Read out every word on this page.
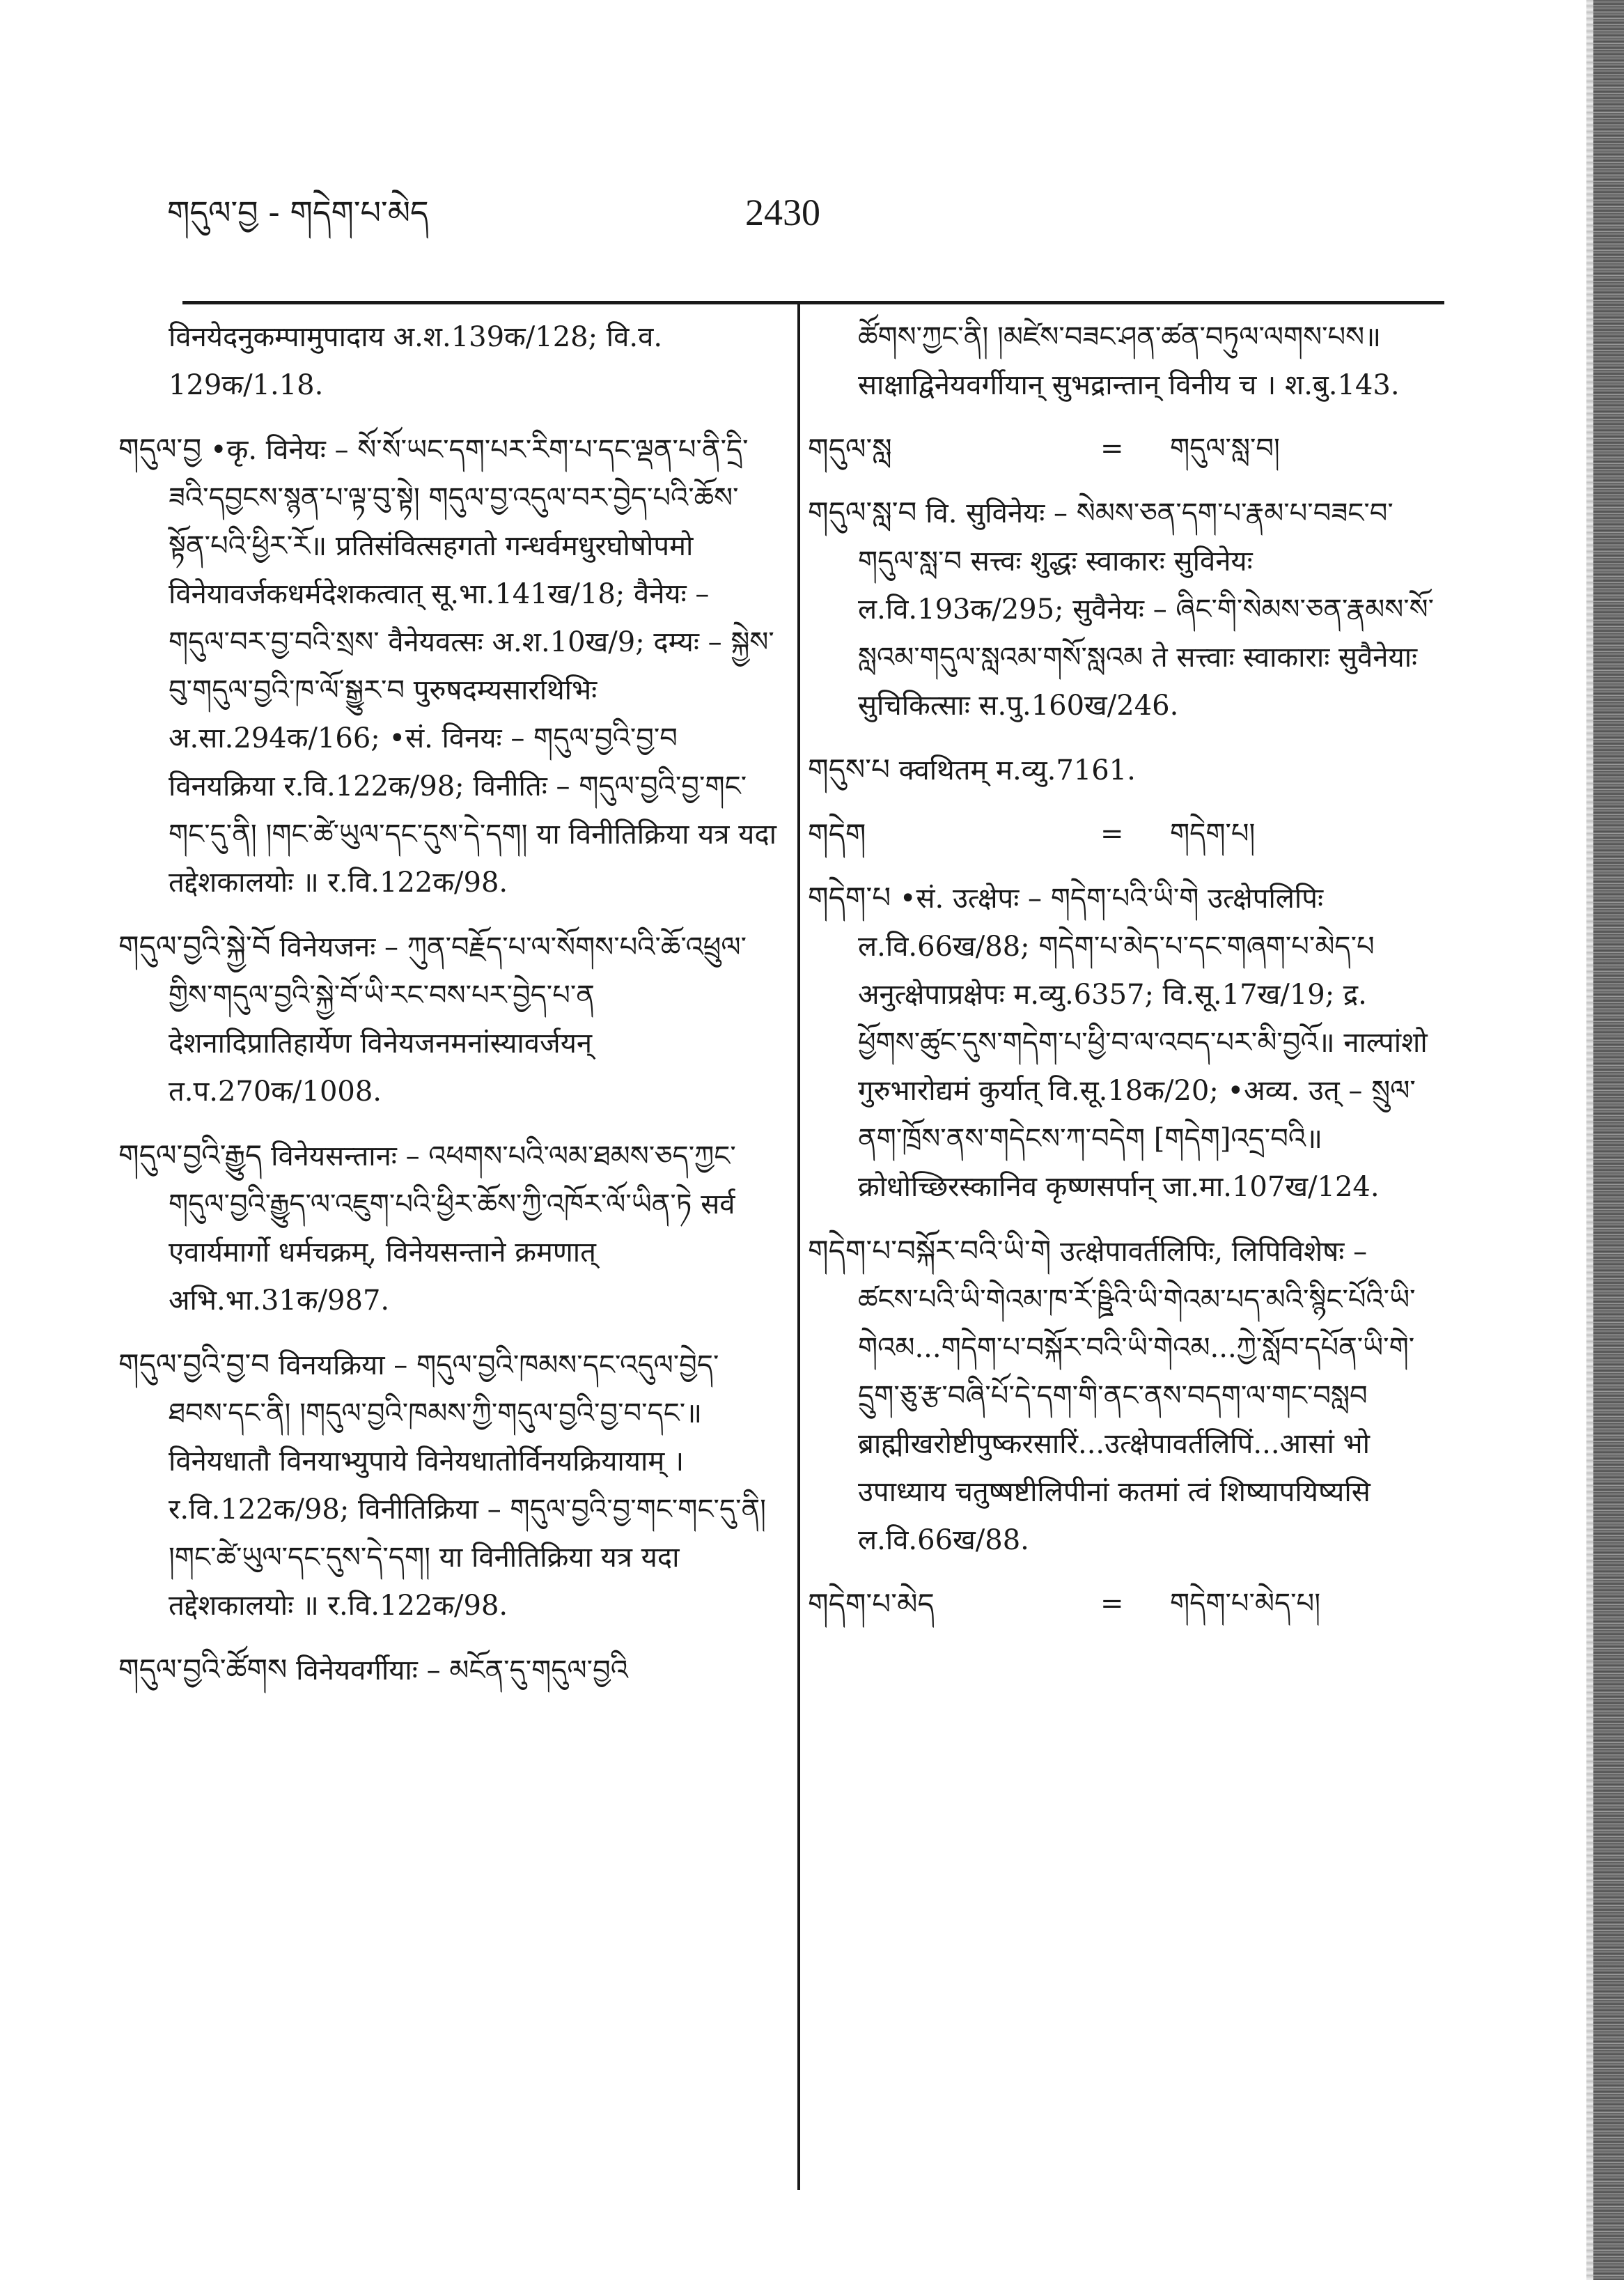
གདུལ་བྱ - གདེག་པ་མེད	2430
विनयेदनुकम्पामुपादाय अ.श.139क/128; वि.व. 129क/1.18.
གདུལ་བྱ •कृ. विनेयः – སོ་སོ་ཡང་དག་པར་རིག་པ་དང་ལྡན་པ་ནི་དྲི་ཟའི་དབྱངས་སྙན་པ་ལྟ་བུ་སྟེ། གདུལ་བྱ་འདུལ་བར་བྱེད་པའི་ཆོས་སྟོན་པའི་ཕྱིར་རོ॥ प्रतिसंवित्सहगतो गन्धर्वमधुरघोषोपमो विनेयावर्जकधर्मदेशकत्वात् सू.भा.141ख/18; वैनेयः – གདུལ་བར་བྱ་བའི་སྲས་ वैनेयवत्सः अ.श.10ख/9; दम्यः – སྐྱེས་བུ་གདུལ་བྱའི་ཁ་ལོ་སྒྱུར་བ पुरुषदम्यसारथिभिः अ.सा.294क/166; •सं. विनयः – གདུལ་བྱའི་བྱ་བ विनयक्रिया र.वि.122क/98; विनीतिः – གདུལ་བྱའི་བྱ་གང་གང་དུ་ནི། །གང་ཚེ་ཡུལ་དང་དུས་དེ་དག། या विनीतिक्रिया यत्र यदा तद्देशकालयोः ॥ र.वि.122क/98.
གདུལ་བྱའི་སྐྱེ་བོ विनेयजनः – ཀུན་བརྗོད་པ་ལ་སོགས་པའི་ཆོ་འཕྲུལ་གྱིས་གདུལ་བྱའི་སྐྱེ་བོ་ཡི་རང་བས་པར་བྱེད་པ་ན देशनादिप्रातिहार्येण विनेयजनमनांस्यावर्जयन् त.प.270क/1008.
གདུལ་བྱའི་རྒྱུད विनेयसन्तानः – འཕགས་པའི་ལམ་ཐམས་ཅད་ཀྱང་གདུལ་བྱའི་རྒྱུད་ལ་འཇུག་པའི་ཕྱིར་ཆོས་ཀྱི་འཁོར་ལོ་ཡིན་ཏེ सर्व एवार्यमार्गो धर्मचक्रम्, विनेयसन्ताने क्रमणात् अभि.भा.31क/987.
གདུལ་བྱའི་བྱ་བ विनयक्रिया – གདུལ་བྱའི་ཁམས་དང་འདུལ་བྱེད་ཐབས་དང་ནི། །གདུལ་བྱའི་ཁམས་ཀྱི་གདུལ་བྱའི་བྱ་བ་དང་॥ विनेयधातौ विनयाभ्युपाये विनेयधातोर्विनयक्रियायाम् । र.वि.122क/98; विनीतिक्रिया – གདུལ་བྱའི་བྱ་གང་གང་དུ་ནི། །གང་ཚེ་ཡུལ་དང་དུས་དེ་དག། या विनीतिक्रिया यत्र यदा तद्देशकालयोः ॥ र.वि.122क/98.
གདུལ་བྱའི་ཚོགས विनेयवर्गीयाः – མངོན་དུ་གདུལ་བྱའི
ཚོགས་ཀྱང་ནི། །མཛེས་བཟང་ཤན་ཚན་བཏུལ་ལགས་པས॥ साक्षाद्विनेयवर्गीयान् सुभद्रान्तान् विनीय च । श.बु.143.
གདུལ་སླ	= གདུལ་སླ་བ།
གདུལ་སླ་བ वि. सुविनेयः – སེམས་ཅན་དག་པ་རྣམ་པ་བཟང་བ་གདུལ་སླ་བ सत्त्वः शुद्धः स्वाकारः सुविनेयः ल.वि.193क/295; सुवैनेयः – ཞིང་གི་སེམས་ཅན་རྣམས་སོ་སླའམ་གདུལ་སླའམ་གསོ་སླའམ ते सत्त्वाः स्वाकाराः सुवैनेयाः सुचिकित्साः स.पु.160ख/246.
གདུས་པ क्वथितम् म.व्यु.7161.
གདེག	= གདེག་པ།
གདེག་པ •सं. उत्क्षेपः – གདེག་པའི་ཡི་གེ उत्क्षेपलिपिः ल.वि.66ख/88; གདེག་པ་མེད་པ་དང་གཞག་པ་མེད་པ अनुत्क्षेपाप्रक्षेपः म.व्यु.6357; वि.सू.17ख/19; द्र. ཕྱོགས་ཚུང་དུས་གདེག་པ་ཕྱི་བ་ལ་འབད་པར་མི་བྱའོ॥ नाल्पांशो गुरुभारोद्यमं कुर्यात् वि.सू.18क/20; •अव्य. उत् – སྲུལ་ནག་ཁྲོས་ནས་གདེངས་ཀ་བདེག [གདེག]འདྲ་བའི॥ क्रोधोच्छिरस्कानिव कृष्णसर्पान् जा.मा.107ख/124.
གདེག་པ་བསྐོར་བའི་ཡི་གེ उत्क्षेपावर्तलिपिः, लिपिविशेषः – ཚངས་པའི་ཡི་གེའམ་ཁ་རོ་ཥྛིའི་ཡི་གེའམ་པད་མའི་སྙིང་པོའི་ཡི་གེའམ...གདེག་པ་བསྐོར་བའི་ཡི་གེའམ...ཀྱེ་སློབ་དཔོན་ཡི་གེ་དྲུག་ཅུ་རྩ་བཞི་པོ་དེ་དག་གི་ནང་ནས་བདག་ལ་གང་བསླབ ब्राह्मीखरोष्टीपुष्करसारिं...उत्क्षेपावर्तलिपिं...आसां भो उपाध्याय चतुष्षष्टीलिपीनां कतमां त्वं शिष्यापयिष्यसि ल.वि.66ख/88.
གདེག་པ་མེད	= གདེག་པ་མེད་པ།
